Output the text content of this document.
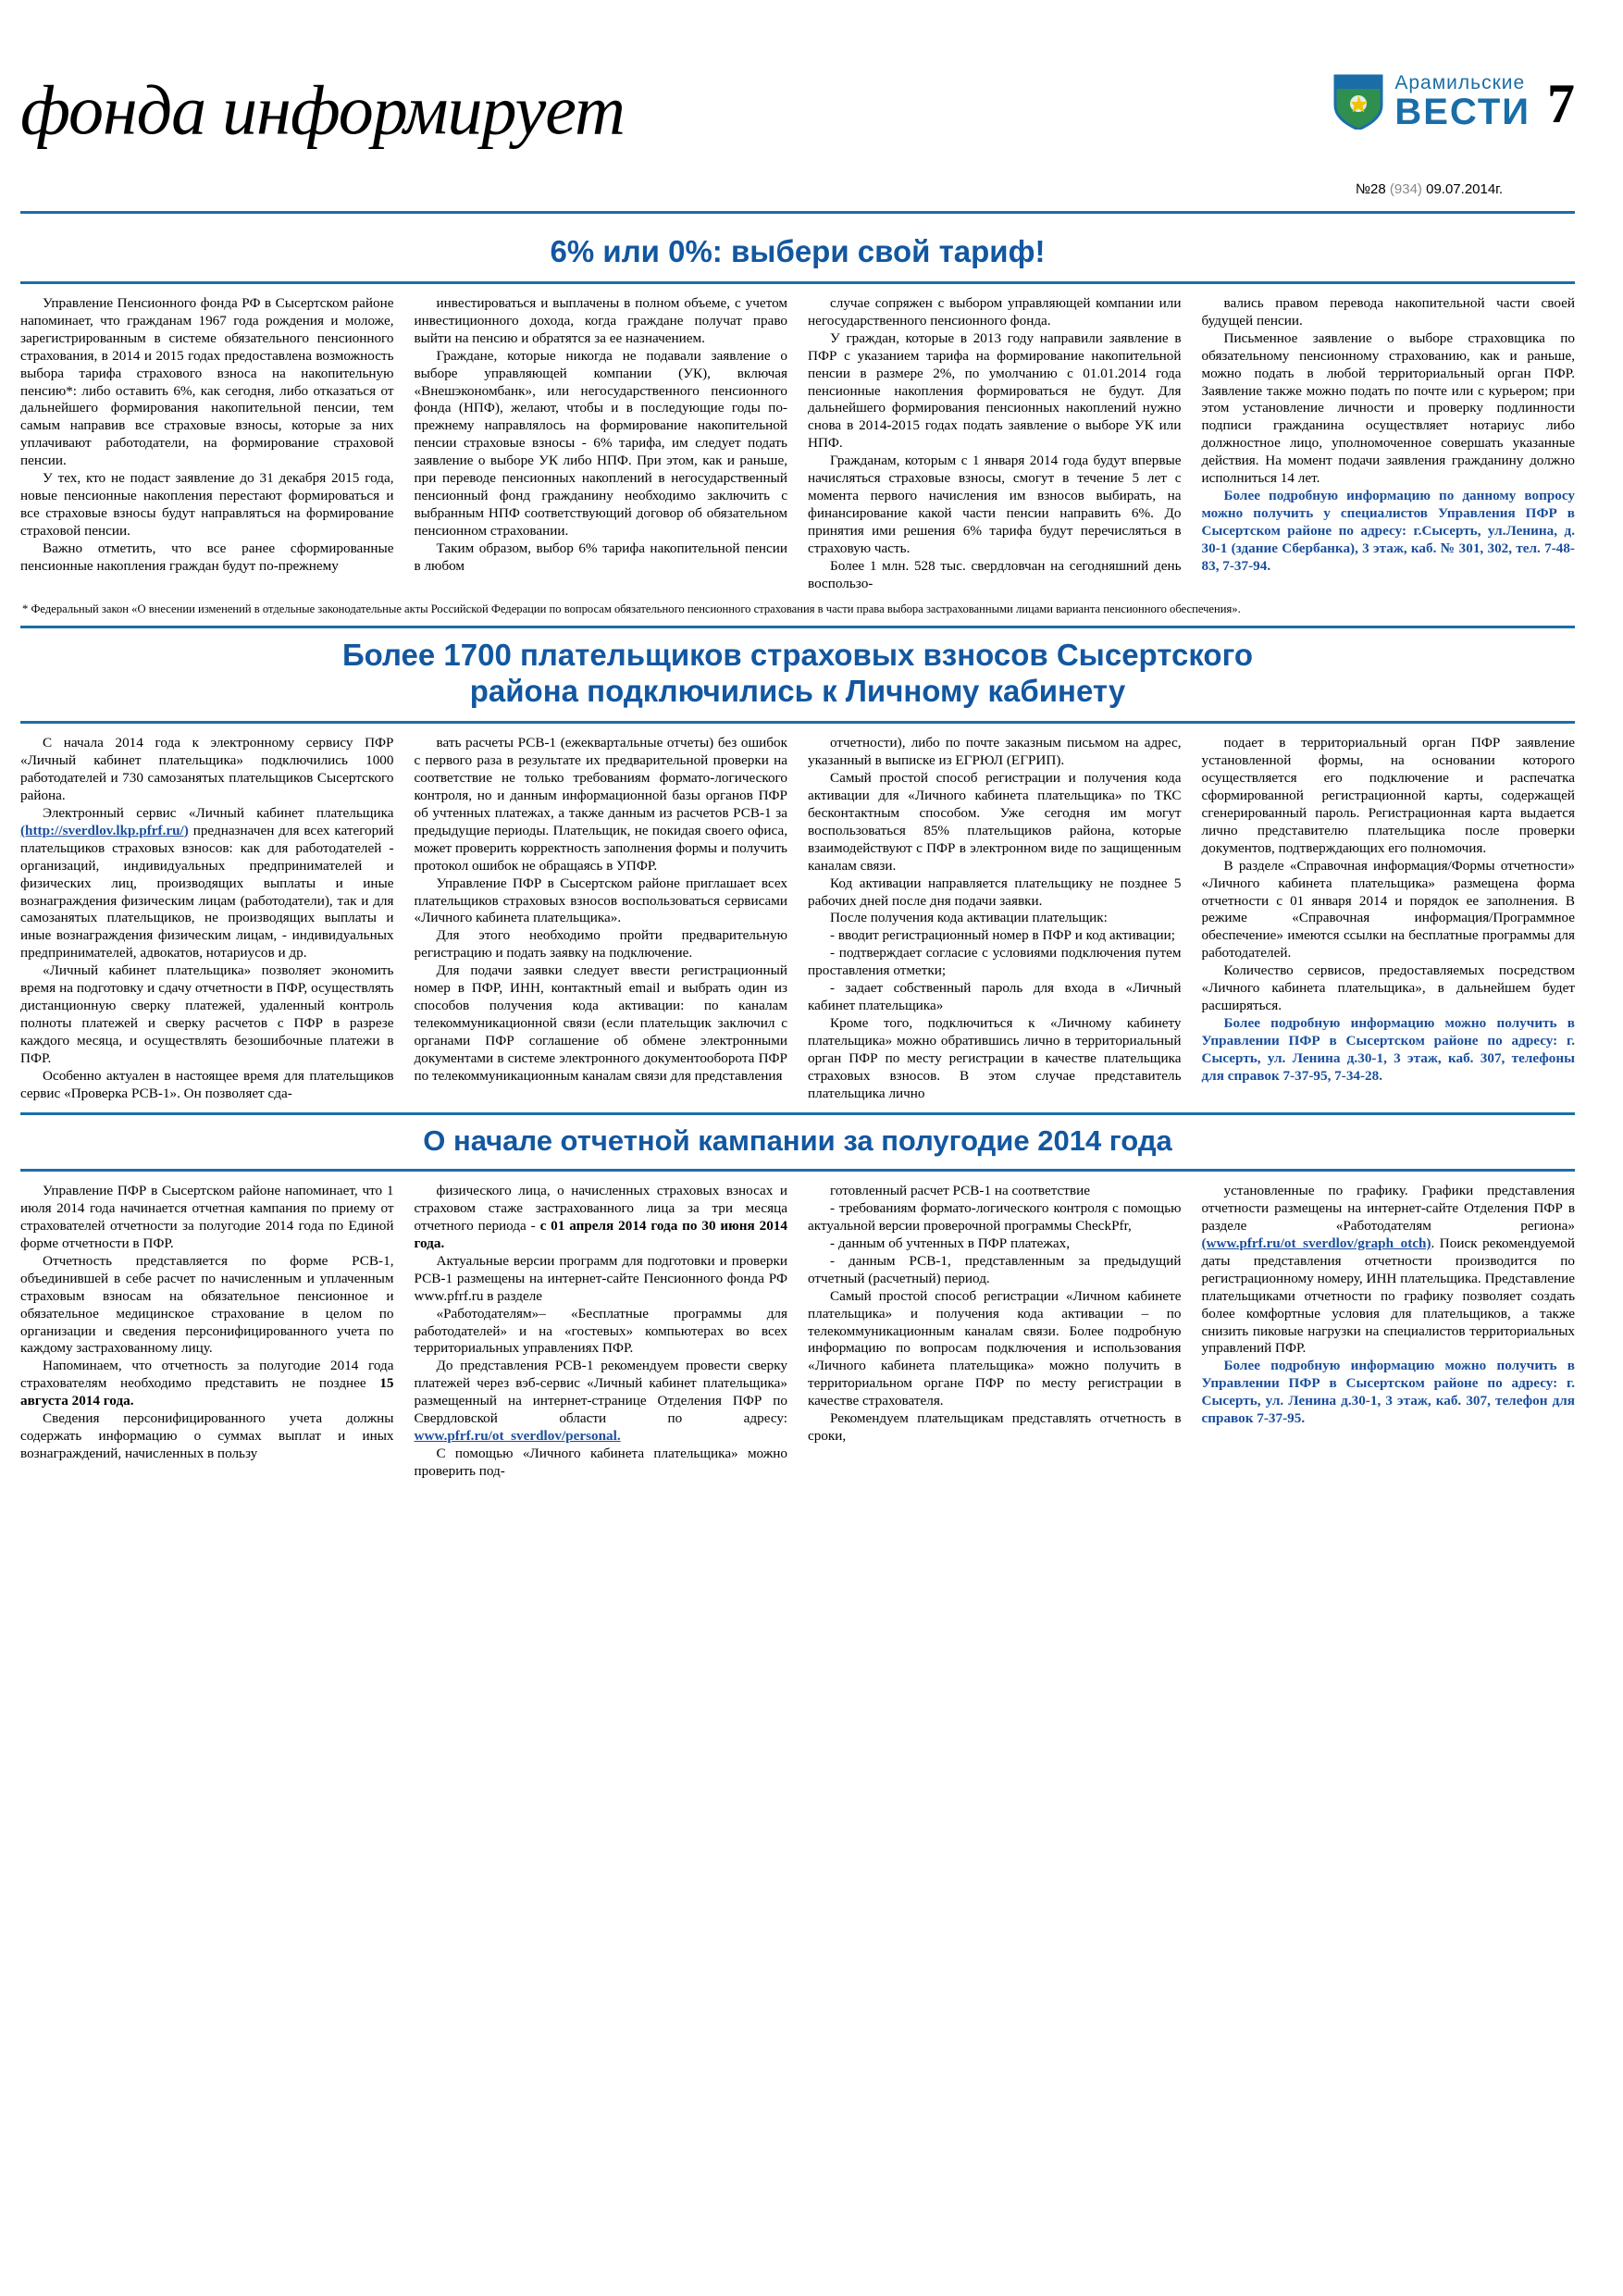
фонда информирует	Арамильские
ВЕСТИ 7
№28 (934) 09.07.2014г.
6% или 0%: выбери свой тариф!

Управление Пенсионного фонда РФ в Сысертском районе напоминает, что гражданам 1967 года рождения и моложе, зарегистрированным в системе обязательного пенсионного страхования, в 2014 и 2015 годах предоставлена возможность выбора тарифа страхового взноса на накопительную пенсию*: либо оставить 6%, как сегодня, либо отказаться от дальнейшего формирования накопительной пенсии, тем самым направив все страховые взносы, которые за них уплачивают работодатели, на формирование страховой пенсии.

У тех, кто не подаст заявление до 31 декабря 2015 года, новые пенсионные накопления перестают формироваться и все страховые взносы будут направляться на формирование страховой пенсии.

Важно отметить, что все ранее сформированные пенсионные накопления граждан будут по-прежнему

инвестироваться и выплачены в полном объеме, с учетом инвестиционного дохода, когда граждане получат право выйти на пенсию и обратятся за ее назначением.

Граждане, которые никогда не подавали заявление о выборе управляющей компании (УК), включая «Внешэкономбанк», или негосударственного пенсионного фонда (НПФ), желают, чтобы и в последующие годы по-прежнему направлялось на формирование накопительной пенсии страховые взносы - 6% тарифа, им следует подать заявление о выборе УК либо НПФ. При этом, как и раньше, при переводе пенсионных накоплений в негосударственный пенсионный фонд гражданину необходимо заключить с выбранным НПФ соответствующий договор об обязательном пенсионном страховании.

Таким образом, выбор 6% тарифа накопительной пенсии в любом

случае сопряжен с выбором управляющей компании или негосударственного пенсионного фонда.

У граждан, которые в 2013 году направили заявление в ПФР с указанием тарифа на формирование накопительной пенсии в размере 2%, по умолчанию с 01.01.2014 года пенсионные накопления формироваться не будут. Для дальнейшего формирования пенсионных накоплений нужно снова в 2014-2015 годах подать заявление о выборе УК или НПФ.

Гражданам, которым с 1 января 2014 года будут впервые начисляться страховые взносы, смогут в течение 5 лет с момента первого начисления им взносов выбирать, на финансирование какой части пенсии направить 6%. До принятия ими решения 6% тарифа будут перечисляться в страховую часть.

Более 1 млн. 528 тыс. свердловчан на сегодняшний день воспользо-

вались правом перевода накопительной части своей будущей пенсии.

Письменное заявление о выборе страховщика по обязательному пенсионному страхованию, как и раньше, можно подать в любой территориальный орган ПФР. Заявление также можно подать по почте или с курьером; при этом установление личности и проверку подлинности подписи гражданина осуществляет нотариус либо должностное лицо, уполномоченное совершать указанные действия. На момент подачи заявления гражданину должно исполниться 14 лет.

Более подробную информацию по данному вопросу можно получить у специалистов Управления ПФР в Сысертском районе по адресу: г.Сысерть, ул.Ленина, д. 30-1 (здание Сбербанка), 3 этаж, каб. № 301, 302, тел. 7-48-83, 7-37-94.

* Федеральный закон «О внесении изменений в отдельные законодательные акты Российской Федерации по вопросам обязательного пенсионного страхования в части права выбора застрахованными лицами варианта пенсионного обеспечения».
Более 1700 плательщиков страховых взносов Сысертского
района подключились к Личному кабинету

С начала 2014 года к электронному сервису ПФР «Личный кабинет плательщика» подключились 1000 работодателей и 730 самозанятых плательщиков Сысертского района.

Электронный сервис «Личный кабинет плательщика (http://sverdlov.lkp.pfrf.ru/) предназначен для всех категорий плательщиков страховых взносов: как для работодателей - организаций, индивидуальных предпринимателей и физических лиц, производящих выплаты и иные вознаграждения физическим лицам (работодатели), так и для самозанятых плательщиков, не производящих выплаты и иные вознаграждения физическим лицам, - индивидуальных предпринимателей, адвокатов, нотариусов и др.

«Личный кабинет плательщика» позволяет экономить время на подготовку и сдачу отчетности в ПФР, осуществлять дистанционную сверку платежей, удаленный контроль полноты платежей и сверку расчетов с ПФР в разрезе каждого месяца, и осуществлять безошибочные платежи в ПФР.

Особенно актуален в настоящее время для плательщиков сервис «Проверка РСВ-1». Он позволяет сда-

вать расчеты РСВ-1 (ежеквартальные отчеты) без ошибок с первого раза в результате их предварительной проверки на соответствие не только требованиям формато-логического контроля, но и данным информационной базы органов ПФР об учтенных платежах, а также данным из расчетов РСВ-1 за предыдущие периоды. Плательщик, не покидая своего офиса, может проверить корректность заполнения формы и получить протокол ошибок не обращаясь в УПФР.

Управление ПФР в Сысертском районе приглашает всех плательщиков страховых взносов воспользоваться сервисами «Личного кабинета плательщика».

Для этого необходимо пройти предварительную регистрацию и подать заявку на подключение.

Для подачи заявки следует ввести регистрационный номер в ПФР, ИНН, контактный email и выбрать один из способов получения кода активации: по каналам телекоммуникационной связи (если плательщик заключил с органами ПФР соглашение об обмене электронными документами в системе электронного документооборота ПФР по телекоммуникационным каналам связи для представления

отчетности), либо по почте заказным письмом на адрес, указанный в выписке из ЕГРЮЛ (ЕГРИП).

Самый простой способ регистрации и получения кода активации для «Личного кабинета плательщика» по ТКС бесконтактным способом. Уже сегодня им могут воспользоваться 85% плательщиков района, которые взаимодействуют с ПФР в электронном виде по защищенным каналам связи.

Код активации направляется плательщику не позднее 5 рабочих дней после дня подачи заявки.

После получения кода активации плательщик:

- вводит регистрационный номер в ПФР и код активации;

- подтверждает согласие с условиями подключения путем проставления отметки;

- задает собственный пароль для входа в «Личный кабинет плательщика»

Кроме того, подключиться к «Личному кабинету плательщика» можно обратившись лично в территориальный орган ПФР по месту регистрации в качестве плательщика страховых взносов. В этом случае представитель плательщика лично

подает в территориальный орган ПФР заявление установленной формы, на основании которого осуществляется его подключение и распечатка сформированной регистрационной карты, содержащей сгенерированный пароль. Регистрационная карта выдается лично представителю плательщика после проверки документов, подтверждающих его полномочия.

В разделе «Справочная информация/Формы отчетности» «Личного кабинета плательщика» размещена форма отчетности с 01 января 2014 и порядок ее заполнения. В режиме «Справочная информация/Программное обеспечение» имеются ссылки на бесплатные программы для работодателей.

Количество сервисов, предоставляемых посредством «Личного кабинета плательщика», в дальнейшем будет расширяться.

Более подробную информацию можно получить в Управлении ПФР в Сысертском районе по адресу: г. Сысерть, ул. Ленина д.30-1, 3 этаж, каб. 307, телефоны для справок 7-37-95, 7-34-28.

О начале отчетной кампании за полугодие 2014 года

Управление ПФР в Сысертском районе напоминает, что 1 июля 2014 года начинается отчетная кампания по приему от страхователей отчетности за полугодие 2014 года по Единой форме отчетности в ПФР.

Отчетность представляется по форме РСВ-1, объединившей в себе расчет по начисленным и уплаченным страховым взносам на обязательное пенсионное и обязательное медицинское страхование в целом по организации и сведения персонифицированного учета по каждому застрахованному лицу.

Напоминаем, что отчетность за полугодие 2014 года страхователям необходимо представить не позднее 15 августа 2014 года.

Сведения персонифицированного учета должны содержать информацию о суммах выплат и иных вознаграждений, начисленных в пользу

физического лица, о начисленных страховых взносах и страховом стаже застрахованного лица за три месяца отчетного периода - с 01 апреля 2014 года по 30 июня 2014 года.

Актуальные версии программ для подготовки и проверки РСВ-1 размещены на интернет-сайте Пенсионного фонда РФ www.pfrf.ru в разделе

«Работодателям»– «Бесплатные программы для работодателей» и на «гостевых» компьютерах во всех территориальных управлениях ПФР.

До представления РСВ-1 рекомендуем провести сверку платежей через вэб-сервис «Личный кабинет плательщика» размещенный на интернет-странице Отделения ПФР по Свердловской области по адресу: www.pfrf.ru/ot_sverdlov/personal.

С помощью «Личного кабинета плательщика» можно проверить под-

готовленный расчет РСВ-1 на соответствие

- требованиям формато-логического контроля с помощью актуальной версии проверочной программы CheckPfr,

- данным об учтенных в ПФР платежах,

- данным РСВ-1, представленным за предыдущий отчетный (расчетный) период.

Самый простой способ регистрации «Личном кабинете плательщика» и получения кода активации – по телекоммуникационным каналам связи. Более подробную информацию по вопросам подключения и использования «Личного кабинета плательщика» можно получить в территориальном органе ПФР по месту регистрации в качестве страхователя.

Рекомендуем плательщикам представлять отчетность в сроки,

установленные по графику. Графики представления отчетности размещены на интернет-сайте Отделения ПФР в разделе «Работодателям региона» (www.pfrf.ru/ot_sverdlov/graph_otch). Поиск рекомендуемой даты представления отчетности производится по регистрационному номеру, ИНН плательщика. Представление плательщиками отчетности по графику позволяет создать более комфортные условия для плательщиков, а также снизить пиковые нагрузки на специалистов территориальных управлений ПФР.

Более подробную информацию можно получить в Управлении ПФР в Сысертском районе по адресу: г. Сысерть, ул. Ленина д.30-1, 3 этаж, каб. 307, телефон для справок 7-37-95.
